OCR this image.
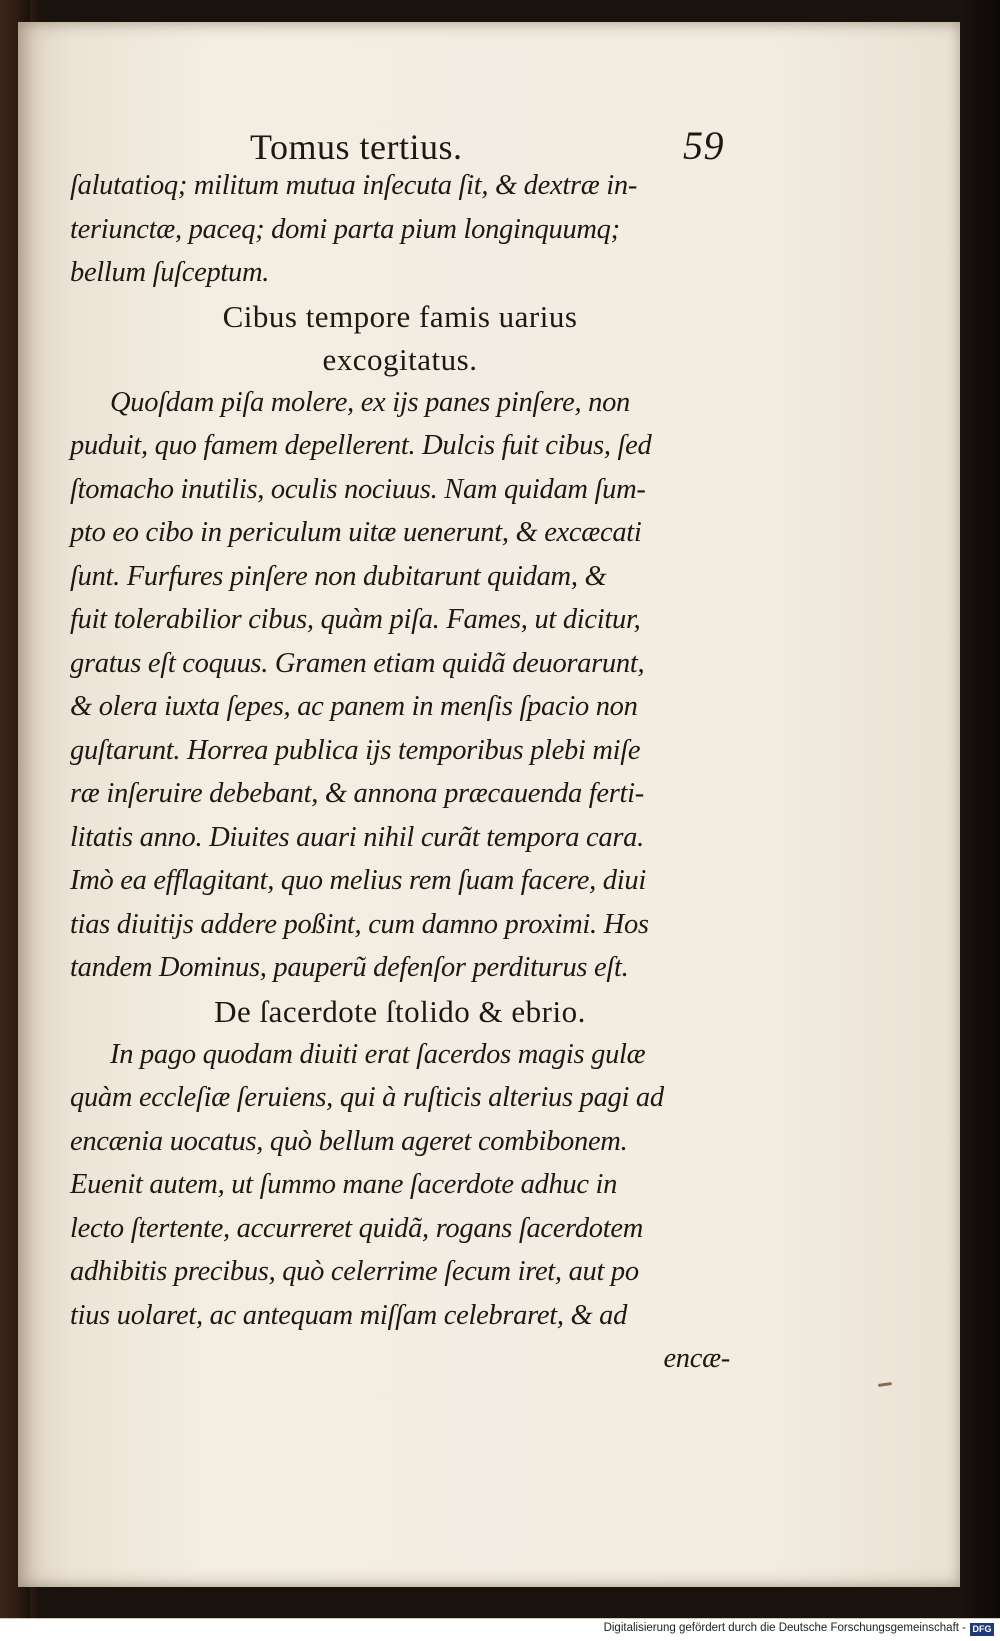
Tomus tertius.	59
ſalutatioq; militum mutua inſecuta ſit, & dextræ in-
teriunctæ, paceq; domi parta pium longinquumq;
bellum ſuſceptum.
Cibus tempore famis uarius
excogitatus.
Quoſdam piſa molere, ex ijs panes pinſere, non
puduit, quo famem depellerent. Dulcis fuit cibus, ſed
ſtomacho inutilis, oculis nociuus. Nam quidam ſum-
pto eo cibo in periculum uitæ uenerunt, & excæcati
ſunt. Furfures pinſere non dubitarunt quidam, &
fuit tolerabilior cibus, quàm piſa. Fames, ut dicitur,
gratus eſt coquus. Gramen etiam quidã deuorarunt,
& olera iuxta ſepes, ac panem in menſis ſpacio non
guſtarunt. Horrea publica ijs temporibus plebi miſe
ræ inſeruire debebant, & annona præcauenda ferti-
litatis anno. Diuites auari nihil curãt tempora cara.
Imò ea efflagitant, quo melius rem ſuam facere, diui
tias diuitijs addere poßint, cum damno proximi. Hos
tandem Dominus, pauperũ defenſor perditurus eſt.
De ſacerdote ſtolido & ebrio.
In pago quodam diuiti erat ſacerdos magis gulæ
quàm eccleſiæ ſeruiens, qui à ruſticis alterius pagi ad
encænia uocatus, quò bellum ageret combibonem.
Euenit autem, ut ſummo mane ſacerdote adhuc in
lecto ſtertente, accurreret quidã, rogans ſacerdotem
adhibitis precibus, quò celerrime ſecum iret, aut po
tius uolaret, ac antequam miſſam celebraret, & ad
encæ-
Digitalisierung gefördert durch die Deutsche Forschungsgemeinschaft - DFG
